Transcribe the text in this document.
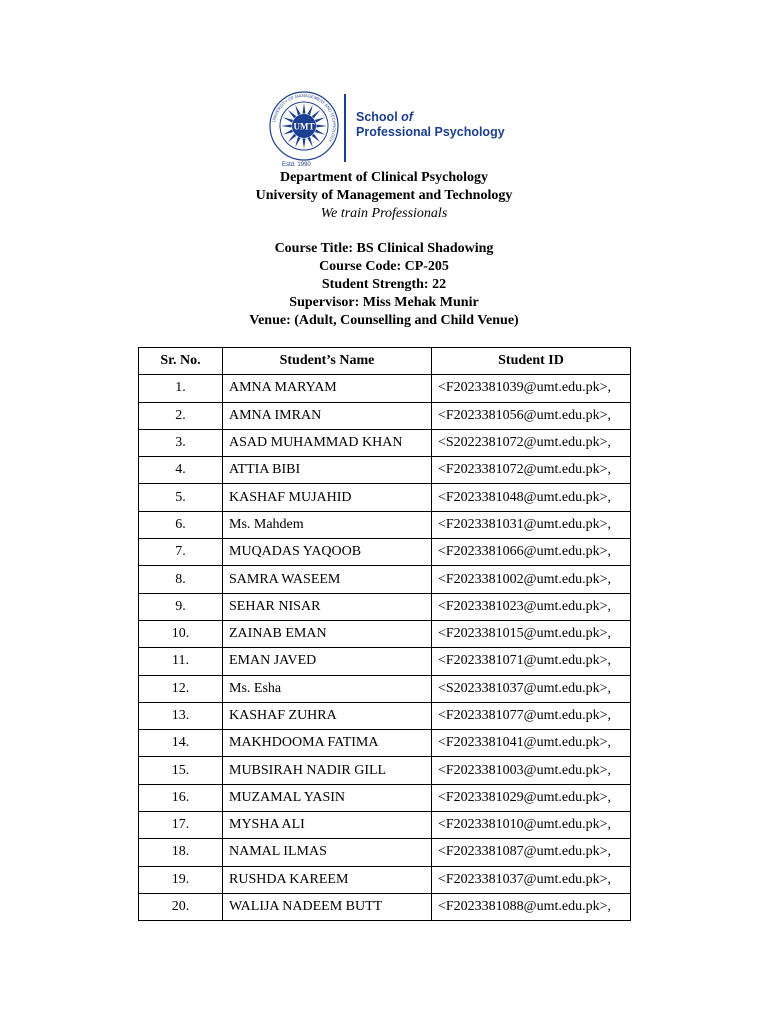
UMT
UNIVERSITY OF MANAGEMENT AND TECHNOLOGY
Estd. 1990
School of
Professional Psychology
Department of Clinical Psychology
University of Management and Technology
We train Professionals
Course Title: BS Clinical Shadowing
Course Code: CP-205
Student Strength: 22
Supervisor: Miss Mehak Munir
Venue: (Adult, Counselling and Child Venue)
Sr. No.	Student’s Name	Student ID
1.	AMNA MARYAM	<F2023381039@umt.edu.pk>,
2.	AMNA IMRAN	<F2023381056@umt.edu.pk>,
3.	ASAD MUHAMMAD KHAN	<S2022381072@umt.edu.pk>,
4.	ATTIA BIBI	<F2023381072@umt.edu.pk>,
5.	KASHAF MUJAHID	<F2023381048@umt.edu.pk>,
6.	Ms. Mahdem	<F2023381031@umt.edu.pk>,
7.	MUQADAS YAQOOB	<F2023381066@umt.edu.pk>,
8.	SAMRA WASEEM	<F2023381002@umt.edu.pk>,
9.	SEHAR NISAR	<F2023381023@umt.edu.pk>,
10.	ZAINAB EMAN	<F2023381015@umt.edu.pk>,
11.	EMAN JAVED	<F2023381071@umt.edu.pk>,
12.	Ms. Esha	<S2023381037@umt.edu.pk>,
13.	KASHAF ZUHRA	<F2023381077@umt.edu.pk>,
14.	MAKHDOOMA FATIMA	<F2023381041@umt.edu.pk>,
15.	MUBSIRAH NADIR GILL	<F2023381003@umt.edu.pk>,
16.	MUZAMAL YASIN	<F2023381029@umt.edu.pk>,
17.	MYSHA ALI	<F2023381010@umt.edu.pk>,
18.	NAMAL ILMAS	<F2023381087@umt.edu.pk>,
19.	RUSHDA KAREEM	<F2023381037@umt.edu.pk>,
20.	WALIJA NADEEM BUTT	<F2023381088@umt.edu.pk>,
